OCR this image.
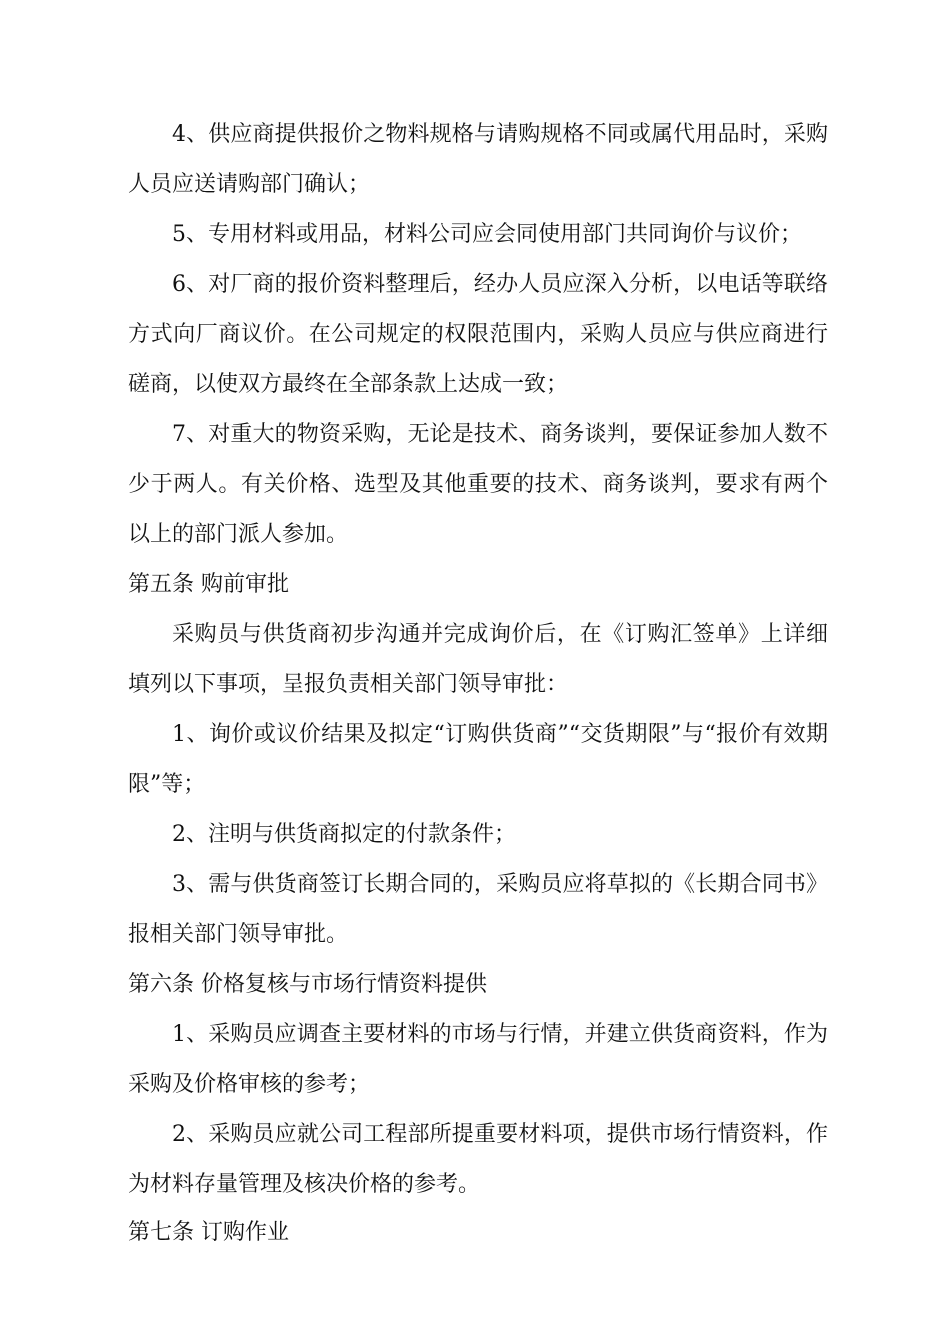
4、供应商提供报价之物料规格与请购规格不同或属代用品时，采购人员应送请购部门确认；

5、专用材料或用品，材料公司应会同使用部门共同询价与议价；

6、对厂商的报价资料整理后，经办人员应深入分析，以电话等联络方式向厂商议价。在公司规定的权限范围内，采购人员应与供应商进行磋商，以使双方最终在全部条款上达成一致；

7、对重大的物资采购，无论是技术、商务谈判，要保证参加人数不少于两人。有关价格、选型及其他重要的技术、商务谈判，要求有两个以上的部门派人参加。

第五条 购前审批

采购员与供货商初步沟通并完成询价后，在《订购汇签单》上详细填列以下事项，呈报负责相关部门领导审批：

1、询价或议价结果及拟定“订购供货商”“交货期限”与“报价有效期限”等；

2、注明与供货商拟定的付款条件；

3、需与供货商签订长期合同的，采购员应将草拟的《长期合同书》报相关部门领导审批。

第六条 价格复核与市场行情资料提供

1、采购员应调查主要材料的市场与行情，并建立供货商资料，作为采购及价格审核的参考；

2、采购员应就公司工程部所提重要材料项，提供市场行情资料，作为材料存量管理及核决价格的参考。

第七条 订购作业
